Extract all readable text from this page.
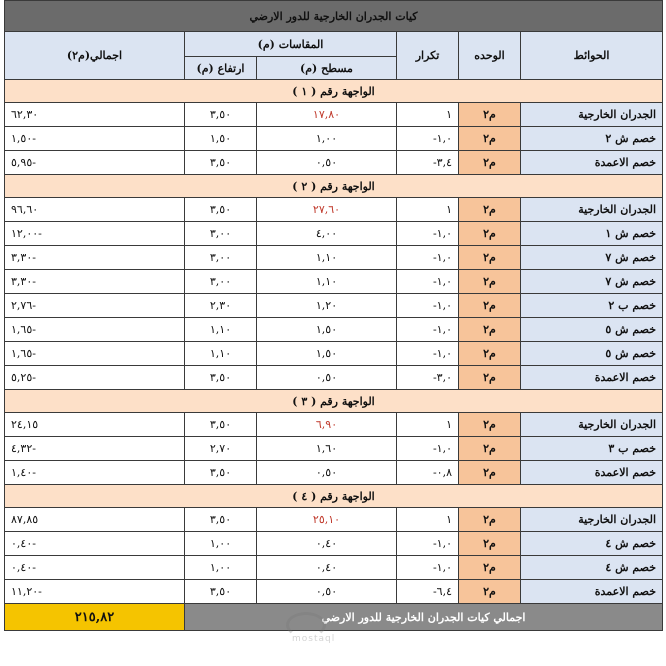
كيات الجدران الخارجية للدور الارضي					
اجمالي(م٢)	المقاسات (م)		تكرار	الوحده	الحوائط
	ارتفاع (م)	مسطح (م)			
الواجهة رقم ( ١ )					
٦٢,٣٠	٣,٥٠	١٧,٨٠	١	م٢	الجدران الخارجية
-١,٥٠	١,٥٠	١,٠٠	-١,٠	م٢	خصم ش ٢
-٥,٩٥	٣,٥٠	٠,٥٠	-٣,٤	م٢	خصم الاعمدة
الواجهة رقم ( ٢ )					
٩٦,٦٠	٣,٥٠	٢٧,٦٠	١	م٢	الجدران الخارجية
-١٢,٠٠	٣,٠٠	٤,٠٠	-١,٠	م٢	خصم ش ١
-٣,٣٠	٣,٠٠	١,١٠	-١,٠	م٢	خصم ش ٧
-٣,٣٠	٣,٠٠	١,١٠	-١,٠	م٢	خصم ش ٧
-٢,٧٦	٢,٣٠	١,٢٠	-١,٠	م٢	خصم ب ٢
-١,٦٥	١,١٠	١,٥٠	-١,٠	م٢	خصم ش ٥
-١,٦٥	١,١٠	١,٥٠	-١,٠	م٢	خصم ش ٥
-٥,٢٥	٣,٥٠	٠,٥٠	-٣,٠	م٢	خصم الاعمدة
الواجهة رقم ( ٣ )					
٢٤,١٥	٣,٥٠	٦,٩٠	١	م٢	الجدران الخارجية
-٤,٣٢	٢,٧٠	١,٦٠	-١,٠	م٢	خصم ب ٣
-١,٤٠	٣,٥٠	٠,٥٠	-٠,٨	م٢	خصم الاعمدة
الواجهة رقم ( ٤ )					
٨٧,٨٥	٣,٥٠	٢٥,١٠	١	م٢	الجدران الخارجية
-٠,٤٠	١,٠٠	٠,٤٠	-١,٠	م٢	خصم ش ٤
-٠,٤٠	١,٠٠	٠,٤٠	-١,٠	م٢	خصم ش ٤
-١١,٢٠	٣,٥٠	٠,٥٠	-٦,٤	م٢	خصم الاعمدة
٢١٥,٨٢	اجمالي كيات الجدران الخارجية للدور الارضي				
mostaql
